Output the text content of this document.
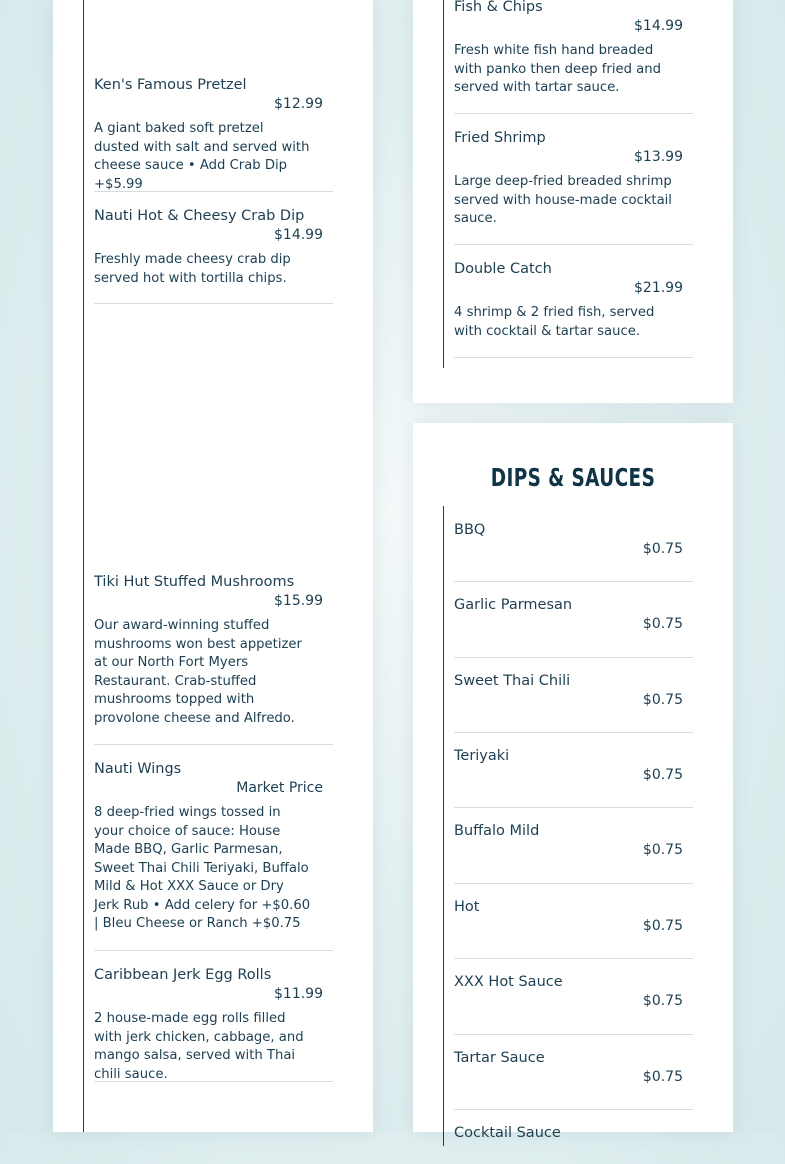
Ken's Famous Pretzel
$12.99
A giant baked soft pretzel dusted with salt and served with cheese sauce • Add Crab Dip +$5.99
Nauti Hot & Cheesy Crab Dip
$14.99
Freshly made cheesy crab dip served hot with tortilla chips.
Tiki Hut Stuffed Mushrooms
$15.99
Our award-winning stuffed mushrooms won best appetizer at our North Fort Myers Restaurant. Crab-stuffed mushrooms topped with provolone cheese and Alfredo.
Nauti Wings
Market Price
8 deep-fried wings tossed in your choice of sauce: House Made BBQ, Garlic Parmesan, Sweet Thai Chili Teriyaki, Buffalo Mild & Hot XXX Sauce or Dry Jerk Rub • Add celery for +$0.60 | Bleu Cheese or Ranch +$0.75
Caribbean Jerk Egg Rolls
$11.99
2 house-made egg rolls filled with jerk chicken, cabbage, and mango salsa, served with Thai chili sauce.
Fish & Chips
$14.99
Fresh white fish hand breaded with panko then deep fried and served with tartar sauce.
Fried Shrimp
$13.99
Large deep-fried breaded shrimp served with house-made cocktail sauce.
Double Catch
$21.99
4 shrimp & 2 fried fish, served with cocktail & tartar sauce.
DIPS & SAUCES
BBQ
$0.75
Garlic Parmesan
$0.75
Sweet Thai Chili
$0.75
Teriyaki
$0.75
Buffalo Mild
$0.75
Hot
$0.75
XXX Hot Sauce
$0.75
Tartar Sauce
$0.75
Cocktail Sauce
